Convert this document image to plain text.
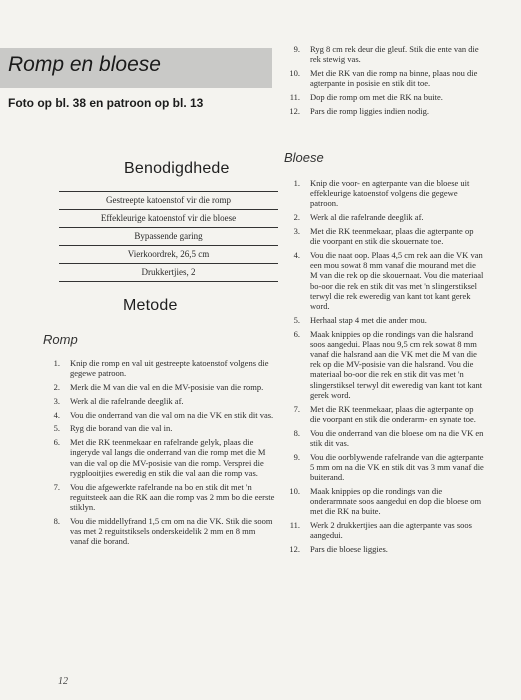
Romp en bloese
Foto op bl. 38 en patroon op bl. 13
Benodigdhede
Gestreepte katoenstof vir die romp
Effekleurige katoenstof vir die bloese
Bypassende garing
Vierkoordrek, 26,5 cm
Drukkertjies, 2
Metode
Romp
1. Knip die romp en val uit gestreepte katoenstof volgens die gegewe patroon.
2. Merk die M van die val en die MV-posisie van die romp.
3. Werk al die rafelrande deeglik af.
4. Vou die onderrand van die val om na die VK en stik dit vas.
5. Ryg die borand van die val in.
6. Met die RK teenmekaar en rafelrande gelyk, plaas die ingeryde val langs die onderrand van die romp met die M van die val op die MV-posisie van die romp. Versprei die rygplooitjies eweredig en stik die val aan die romp vas.
7. Vou die afgewerkte rafelrande na bo en stik dit met 'n reguitsteek aan die RK aan die romp vas 2 mm bo die eerste stiklyn.
8. Vou die middellyfrand 1,5 cm om na die VK. Stik die soom vas met 2 reguitstiksels onderskeidelik 2 mm en 8 mm vanaf die borand.
9. Ryg 8 cm rek deur die gleuf. Stik die ente van die rek stewig vas.
10. Met die RK van die romp na binne, plaas nou die agterpante in posisie en stik dit toe.
11. Dop die romp om met die RK na buite.
12. Pars die romp liggies indien nodig.
Bloese
1. Knip die voor- en agterpante van die bloese uit effekleurige katoenstof volgens die gegewe patroon.
2. Werk al die rafelrande deeglik af.
3. Met die RK teenmekaar, plaas die agterpante op die voorpant en stik die skouernate toe.
4. Vou die naat oop. Plaas 4,5 cm rek aan die VK van een mou sowat 8 mm vanaf die mourand met die M van die rek op die skouernaat. Vou die materiaal bo-oor die rek en stik dit vas met 'n slingerstiksel terwyl die rek eweredig van kant tot kant gerek word.
5. Herhaal stap 4 met die ander mou.
6. Maak knippies op die rondings van die halsrand soos aangedui. Plaas nou 9,5 cm rek sowat 8 mm vanaf die halsrand aan die VK met die M van die rek op die MV-posisie van die halsrand. Vou die materiaal bo-oor die rek en stik dit vas met 'n slingerstiksel terwyl dit eweredig van kant tot kant gerek word.
7. Met die RK teenmekaar, plaas die agterpante op die voorpant en stik die onderarm- en synate toe.
8. Vou die onderrand van die bloese om na die VK en stik dit vas.
9. Vou die oorblywende rafelrande van die agterpante 5 mm om na die VK en stik dit vas 3 mm vanaf die buiterand.
10. Maak knippies op die rondings van die onderarmnate soos aangedui en dop die bloese om met die RK na buite.
11. Werk 2 drukkertjies aan die agterpante vas soos aangedui.
12. Pars die bloese liggies.
12
